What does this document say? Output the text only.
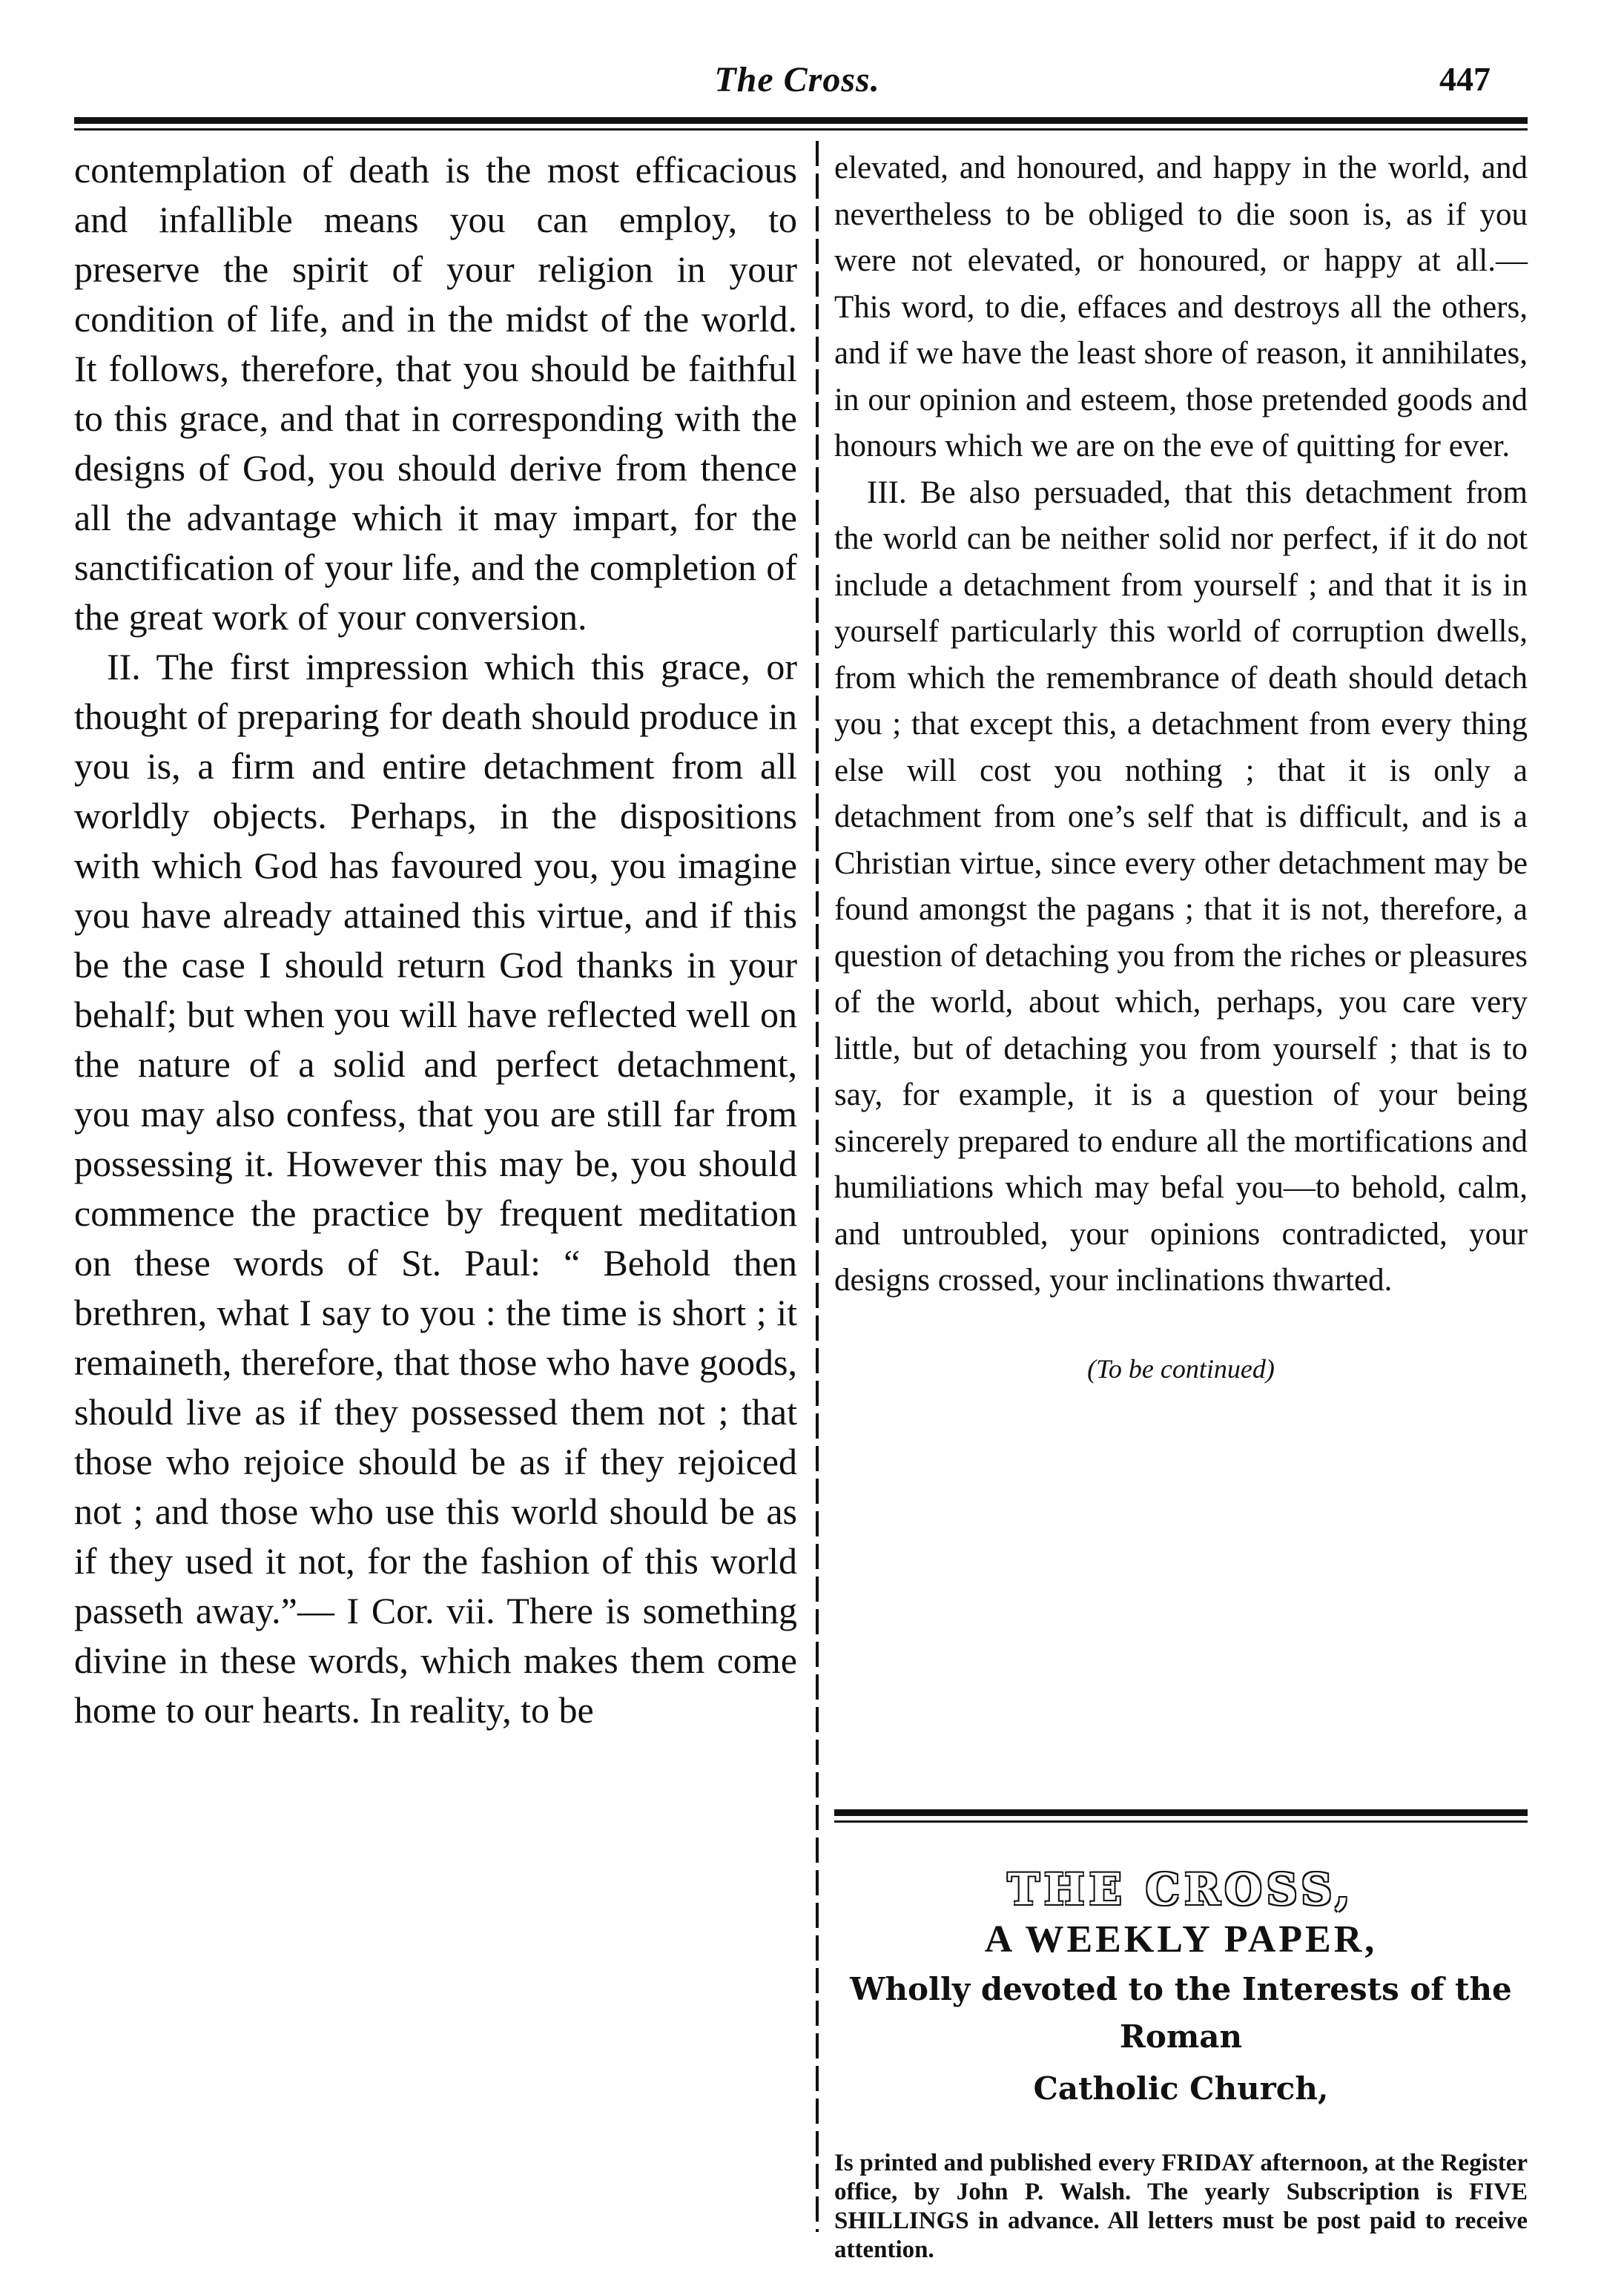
The Cross.	447

contemplation of death is the most efficacious and infallible means you can employ, to preserve the spirit of your religion in your condition of life, and in the midst of the world. It follows, therefore, that you should be faithful to this grace, and that in corresponding with the designs of God, you should derive from thence all the advantage which it may impart, for the sanctification of your life, and the completion of the great work of your conversion.

II. The first impression which this grace, or thought of preparing for death should produce in you is, a firm and entire detachment from all worldly objects. Perhaps, in the dispositions with which God has favoured you, you imagine you have already attained this virtue, and if this be the case I should return God thanks in your behalf; but when you will have reflected well on the nature of a solid and perfect detachment, you may also confess, that you are still far from possessing it. However this may be, you should commence the practice by frequent meditation on these words of St. Paul: “ Behold then brethren, what I say to you : the time is short ; it remaineth, therefore, that those who have goods, should live as if they possessed them not ; that those who rejoice should be as if they rejoiced not ; and those who use this world should be as if they used it not, for the fashion of this world passeth away.”— I Cor. vii. There is something divine in these words, which makes them come home to our hearts. In reality, to be

elevated, and honoured, and happy in the world, and nevertheless to be obliged to die soon is, as if you were not elevated, or honoured, or happy at all.— This word, to die, effaces and destroys all the others, and if we have the least shore of reason, it annihilates, in our opinion and esteem, those pretended goods and honours which we are on the eve of quitting for ever.

III. Be also persuaded, that this detachment from the world can be neither solid nor perfect, if it do not include a detachment from yourself ; and that it is in yourself particularly this world of corruption dwells, from which the remembrance of death should detach you ; that except this, a detachment from every thing else will cost you nothing ; that it is only a detachment from one’s self that is difficult, and is a Christian virtue, since every other detachment may be found amongst the pagans ; that it is not, therefore, a question of detaching you from the riches or pleasures of the world, about which, perhaps, you care very little, but of detaching you from yourself ; that is to say, for example, it is a question of your being sincerely prepared to endure all the mortifications and humiliations which may befal you—to behold, calm, and untroubled, your opinions contradicted, your designs crossed, your inclinations thwarted.

(To be continued)
THE CROSS,
A WEEKLY PAPER,
Wholly devoted to the Interests of the Roman
Catholic Church,
Is printed and published every FRIDAY afternoon, at the Register office, by John P. Walsh. The yearly Subscription is FIVE SHILLINGS in advance. All letters must be post paid to receive attention.
